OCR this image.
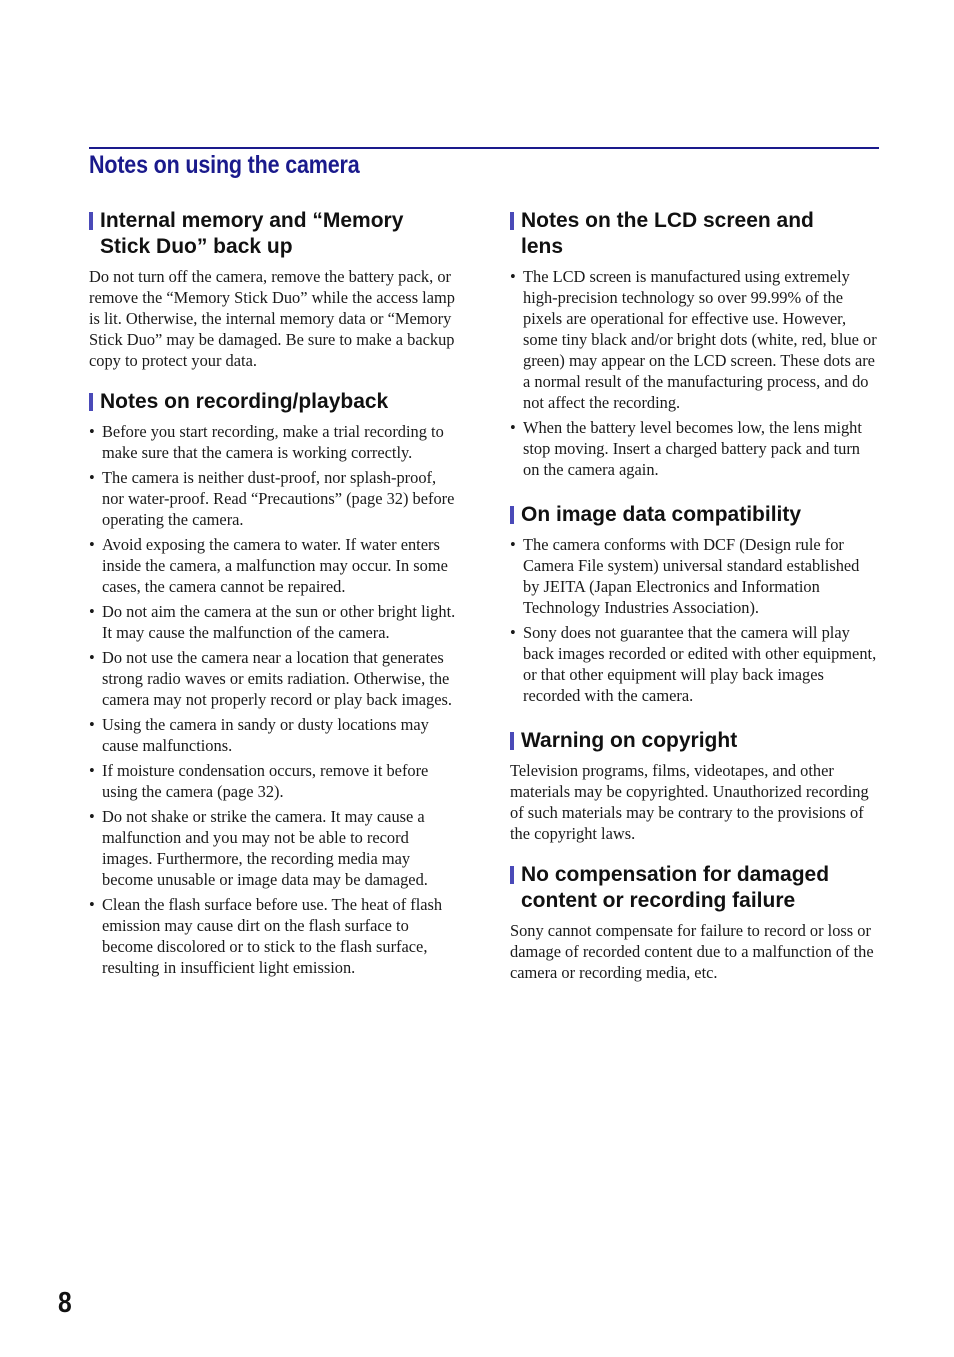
Notes on using the camera
Internal memory and “Memory
Stick Duo” back up

Do not turn off the camera, remove the battery pack, or remove the “Memory Stick Duo” while the access lamp is lit. Otherwise, the internal memory data or “Memory Stick Duo” may be damaged. Be sure to make a backup copy to protect your data.

Notes on recording/playback
• Before you start recording, make a trial recording to make sure that the camera is working correctly.
• The camera is neither dust-proof, nor splash-proof, nor water-proof. Read “Precautions” (page 32) before operating the camera.
• Avoid exposing the camera to water. If water enters inside the camera, a malfunction may occur. In some cases, the camera cannot be repaired.
• Do not aim the camera at the sun or other bright light. It may cause the malfunction of the camera.
• Do not use the camera near a location that generates strong radio waves or emits radiation. Otherwise, the camera may not properly record or play back images.
• Using the camera in sandy or dusty locations may cause malfunctions.
• If moisture condensation occurs, remove it before using the camera (page 32).
• Do not shake or strike the camera. It may cause a malfunction and you may not be able to record images. Furthermore, the recording media may become unusable or image data may be damaged.
• Clean the flash surface before use. The heat of flash emission may cause dirt on the flash surface to become discolored or to stick to the flash surface, resulting in insufficient light emission.
Notes on the LCD screen and
lens
• The LCD screen is manufactured using extremely high-precision technology so over 99.99% of the pixels are operational for effective use. However, some tiny black and/or bright dots (white, red, blue or green) may appear on the LCD screen. These dots are a normal result of the manufacturing process, and do not affect the recording.
• When the battery level becomes low, the lens might stop moving. Insert a charged battery pack and turn on the camera again.
On image data compatibility
• The camera conforms with DCF (Design rule for Camera File system) universal standard established by JEITA (Japan Electronics and Information Technology Industries Association).
• Sony does not guarantee that the camera will play back images recorded or edited with other equipment, or that other equipment will play back images recorded with the camera.
Warning on copyright

Television programs, films, videotapes, and other materials may be copyrighted. Unauthorized recording of such materials may be contrary to the provisions of the copyright laws.

No compensation for damaged
content or recording failure

Sony cannot compensate for failure to record or loss or damage of recorded content due to a malfunction of the camera or recording media, etc.

8
